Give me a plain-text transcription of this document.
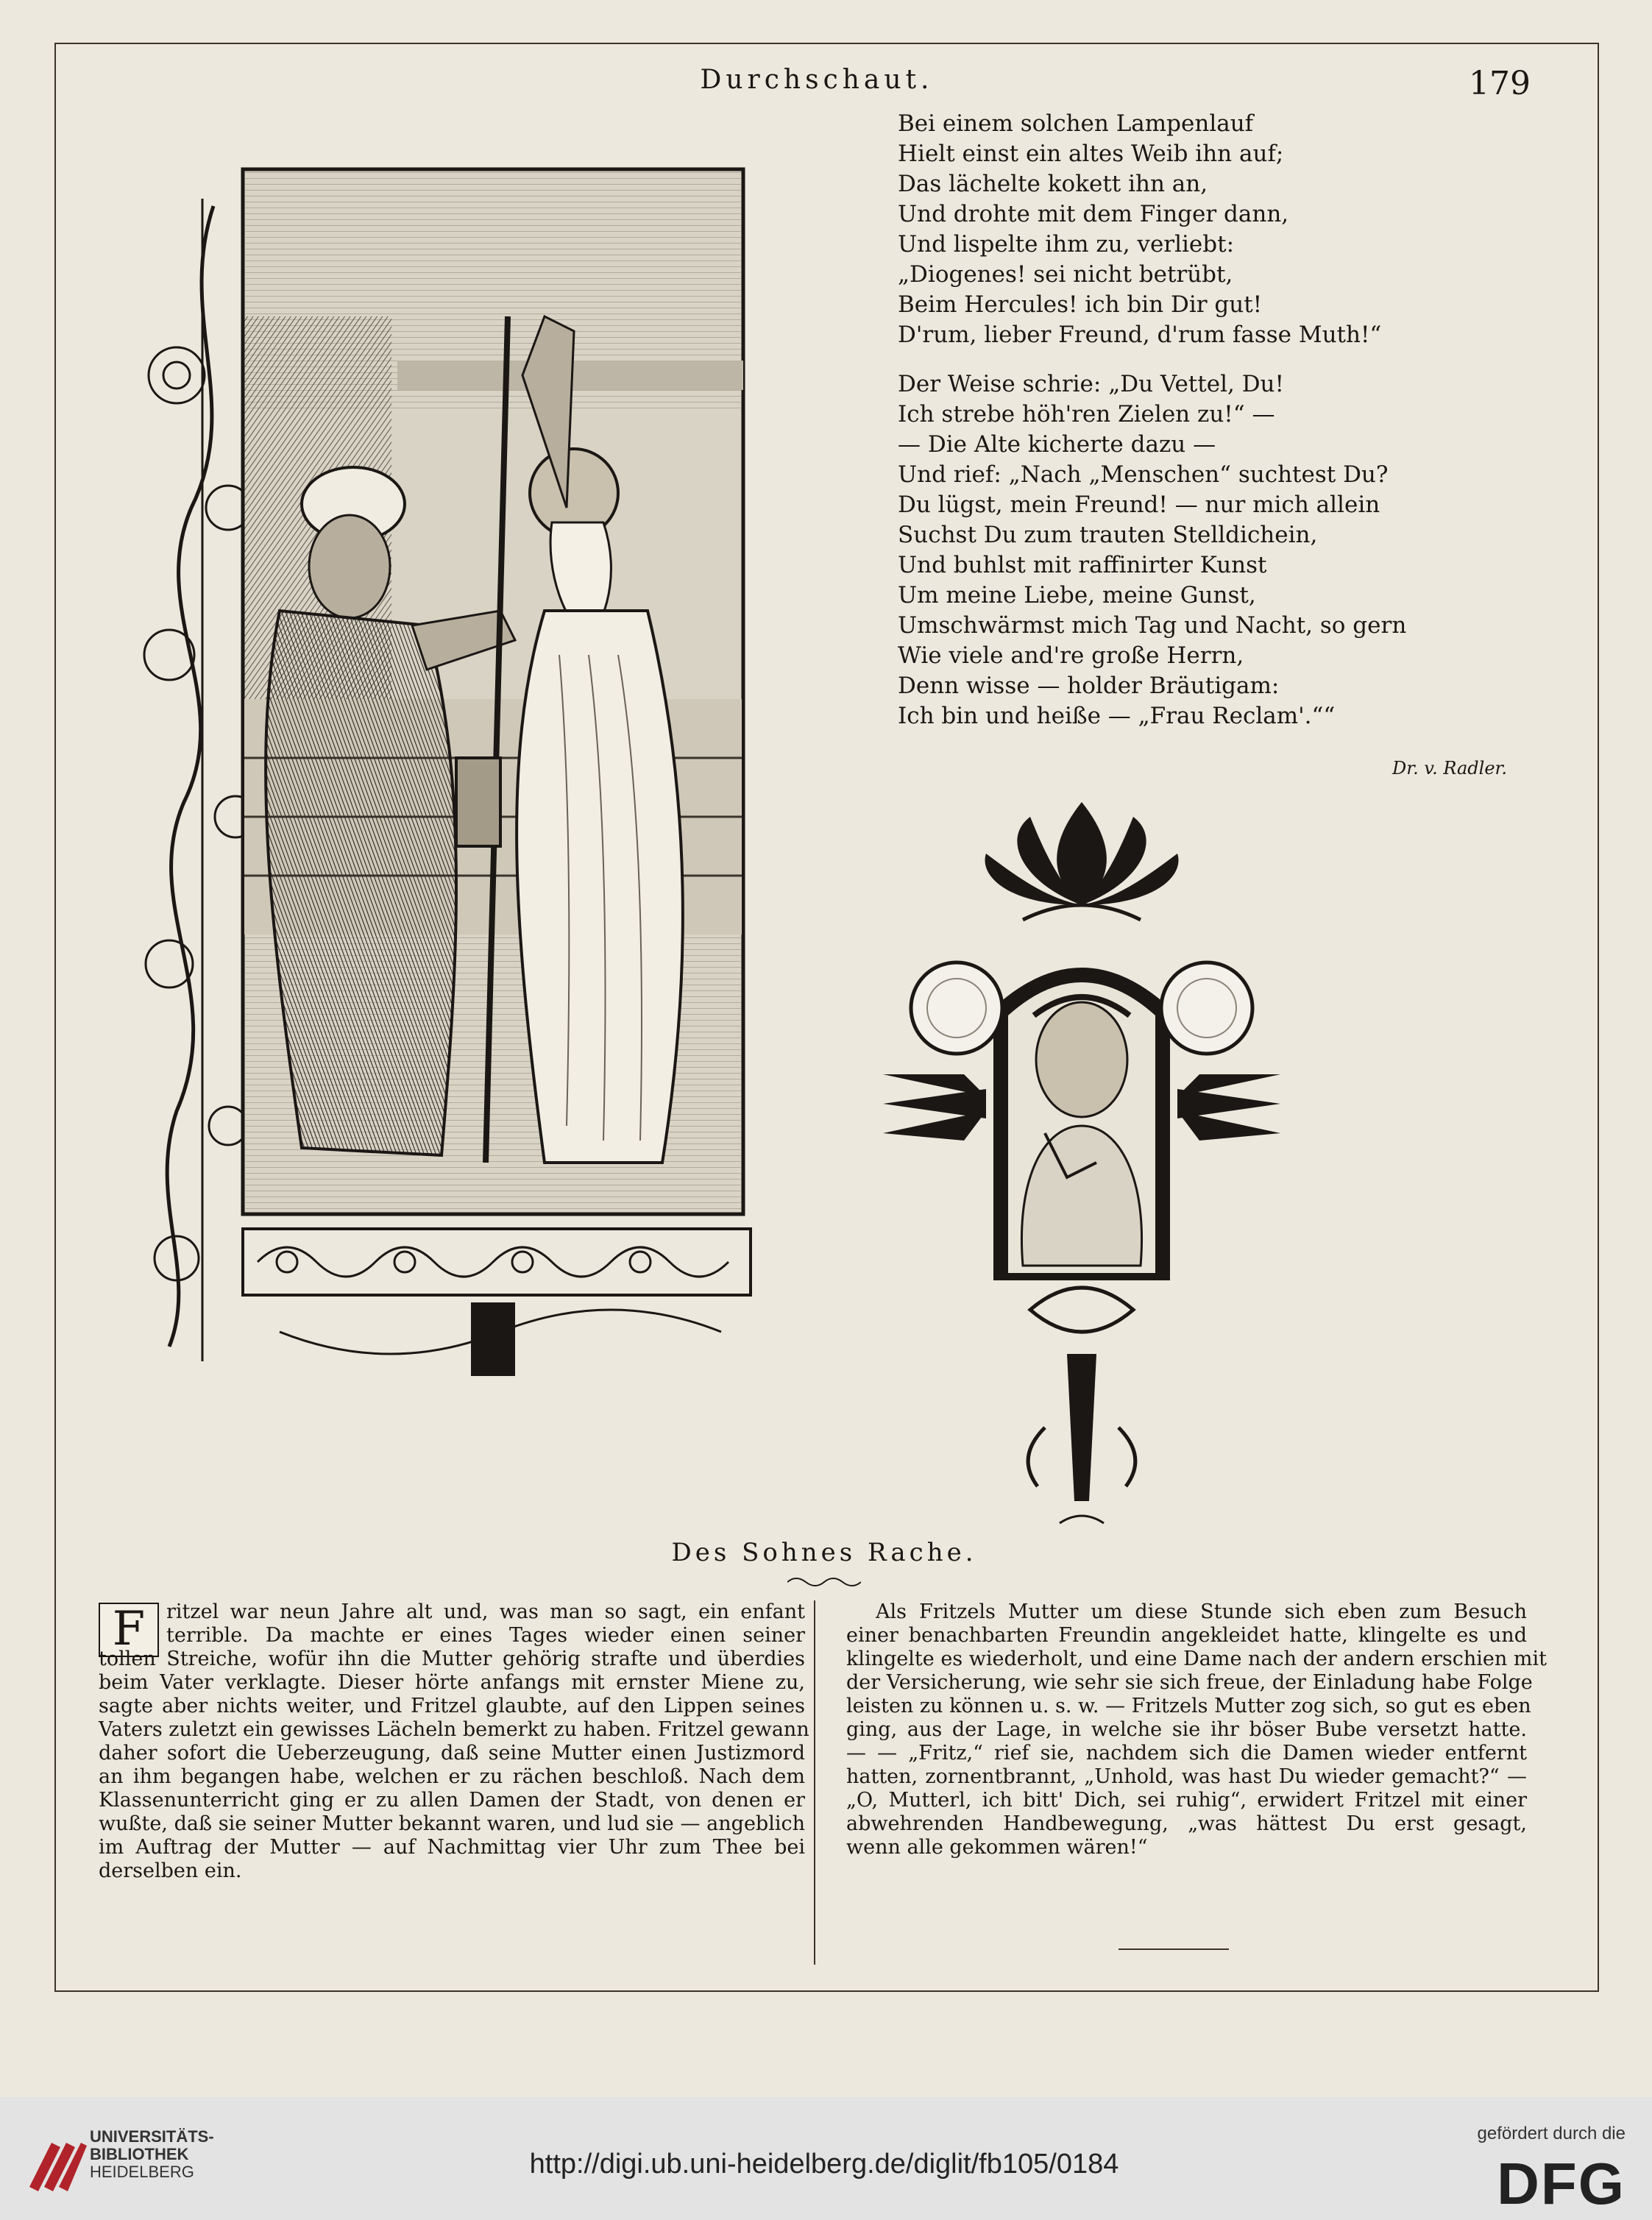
Durchschaut.	179
Bei einem solchen Lampenlauf
Hielt einst ein altes Weib ihn auf;
Das lächelte kokett ihn an,
Und drohte mit dem Finger dann,
Und lispelte ihm zu, verliebt:
„Diogenes! sei nicht betrübt,
Beim Hercules! ich bin Dir gut!
D'rum, lieber Freund, d'rum fasse Muth!“
Der Weise schrie: „Du Vettel, Du!
Ich strebe höh'ren Zielen zu!“ —
— Die Alte kicherte dazu —
Und rief: „Nach „Menschen“ suchtest Du?
Du lügst, mein Freund! — nur mich allein
Suchst Du zum trauten Stelldichein,
Und buhlst mit raffinirter Kunst
Um meine Liebe, meine Gunst,
Umschwärmst mich Tag und Nacht, so gern
Wie viele and're große Herrn,
Denn wisse — holder Bräutigam:
Ich bin und heiße — „Frau Reclam'.““
Dr. v. Radler.
Des Sohnes Rache.
F	ritzel war neun Jahre alt und, was man so sagt, ein enfant
terrible. Da machte er eines Tages wieder einen seiner
tollen Streiche, wofür ihn die Mutter gehörig strafte und überdies
beim Vater verklagte. Dieser hörte anfangs mit ernster Miene zu,
sagte aber nichts weiter, und Fritzel glaubte, auf den Lippen seines
Vaters zuletzt ein gewisses Lächeln bemerkt zu haben. Fritzel gewann
daher sofort die Ueberzeugung, daß seine Mutter einen Justizmord
an ihm begangen habe, welchen er zu rächen beschloß. Nach dem
Klassenunterricht ging er zu allen Damen der Stadt, von denen er
wußte, daß sie seiner Mutter bekannt waren, und lud sie — angeblich
im Auftrag der Mutter — auf Nachmittag vier Uhr zum Thee bei
derselben ein.
Als Fritzels Mutter um diese Stunde sich eben zum Besuch
einer benachbarten Freundin angekleidet hatte, klingelte es und
klingelte es wiederholt, und eine Dame nach der andern erschien mit
der Versicherung, wie sehr sie sich freue, der Einladung habe Folge
leisten zu können u. s. w. — Fritzels Mutter zog sich, so gut es eben
ging, aus der Lage, in welche sie ihr böser Bube versetzt hatte.
— — „Fritz,“ rief sie, nachdem sich die Damen wieder entfernt
hatten, zornentbrannt, „Unhold, was hast Du wieder gemacht?“ —
„O, Mutterl, ich bitt' Dich, sei ruhig“, erwidert Fritzel mit einer
abwehrenden Handbewegung, „was hättest Du erst gesagt,
wenn alle gekommen wären!“
UNIVERSITÄTS-
BIBLIOTHEK
HEIDELBERG	http://digi.ub.uni-heidelberg.de/diglit/fb105/0184
gefördert durch die
DFG
